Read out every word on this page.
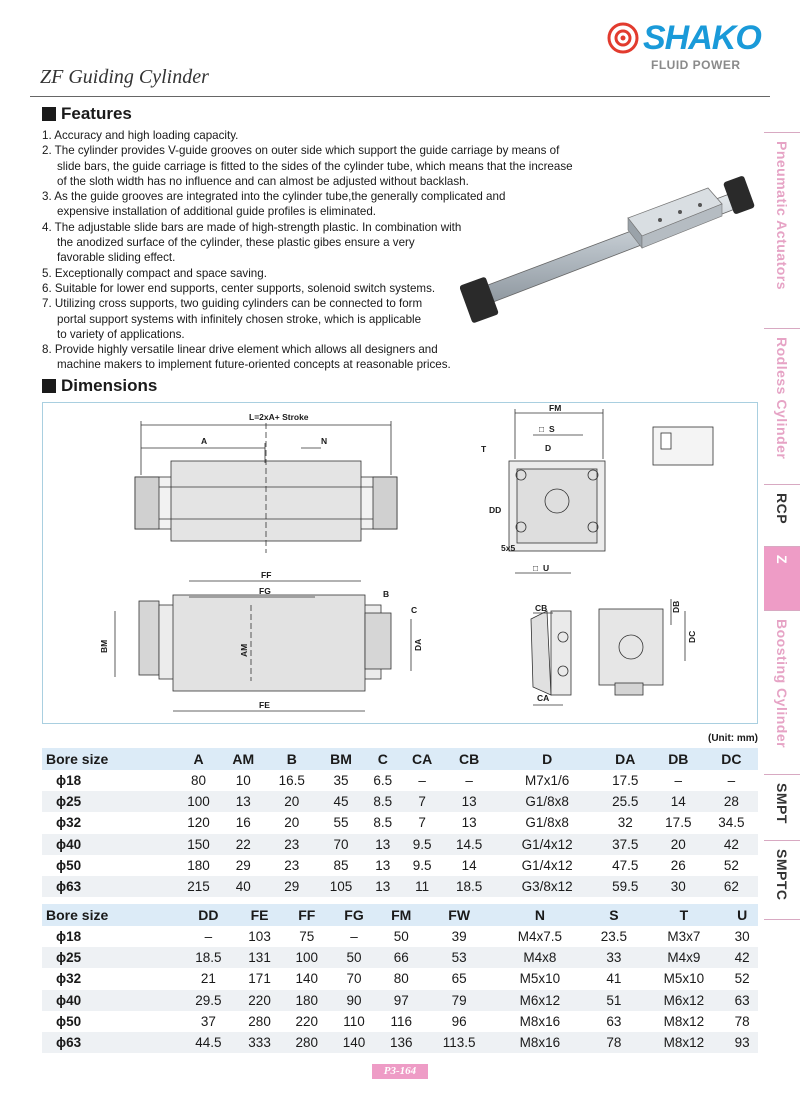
SHAKO
FLUID POWER
ZF Guiding Cylinder
Features
1. Accuracy and high loading capacity.
2. The cylinder provides V-guide grooves on outer side which support the guide carriage by means of
slide bars, the guide carriage is fitted to the sides of the cylinder tube, which means that the increase
of the sloth width has no influence and can almost be adjusted without backlash.
3. As the guide grooves are integrated into the cylinder tube,the generally complicated and
expensive installation of additional guide profiles is eliminated.
4. The adjustable slide bars are made of high-strength plastic. In combination with
the anodized surface of the cylinder, these plastic gibes ensure a very
favorable sliding effect.
5. Exceptionally compact and space saving.
6. Suitable for lower end supports, center supports, solenoid switch systems.
7. Utilizing cross supports, two guiding cylinders can be connected to form
portal support systems with infinitely chosen stroke, which is applicable
to variety of applications.
8. Provide highly versatile linear drive element which allows all designers and
machine makers to implement future-oriented concepts at reasonable prices.
Pneumatic Actuators
Rodless Cylinder
RCP
Z
Boosting Cylinder
SMPT
SMPTC
Dimensions
L=2xA+ Stroke
A	N
FM
□ S
T	D
DD
5x5
□ U
FF
FG	B
C
BM	AM	DA
FE
CB	DB
DC
CA
(Unit: mm)
Bore size	A	AM	B	BM	C	CA	CB	D	DA	DB	DC
ϕ18	80	10	16.5	35	6.5	–	–	M7x1/6	17.5	–	–
ϕ25	100	13	20	45	8.5	7	13	G1/8x8	25.5	14	28
ϕ32	120	16	20	55	8.5	7	13	G1/8x8	32	17.5	34.5
ϕ40	150	22	23	70	13	9.5	14.5	G1/4x12	37.5	20	42
ϕ50	180	29	23	85	13	9.5	14	G1/4x12	47.5	26	52
ϕ63	215	40	29	105	13	11	18.5	G3/8x12	59.5	30	62
Bore size	DD	FE	FF	FG	FM	FW	N	S	T	U
ϕ18	–	103	75	–	50	39	M4x7.5	23.5	M3x7	30
ϕ25	18.5	131	100	50	66	53	M4x8	33	M4x9	42
ϕ32	21	171	140	70	80	65	M5x10	41	M5x10	52
ϕ40	29.5	220	180	90	97	79	M6x12	51	M6x12	63
ϕ50	37	280	220	110	116	96	M8x16	63	M8x12	78
ϕ63	44.5	333	280	140	136	113.5	M8x16	78	M8x12	93
P3-164
